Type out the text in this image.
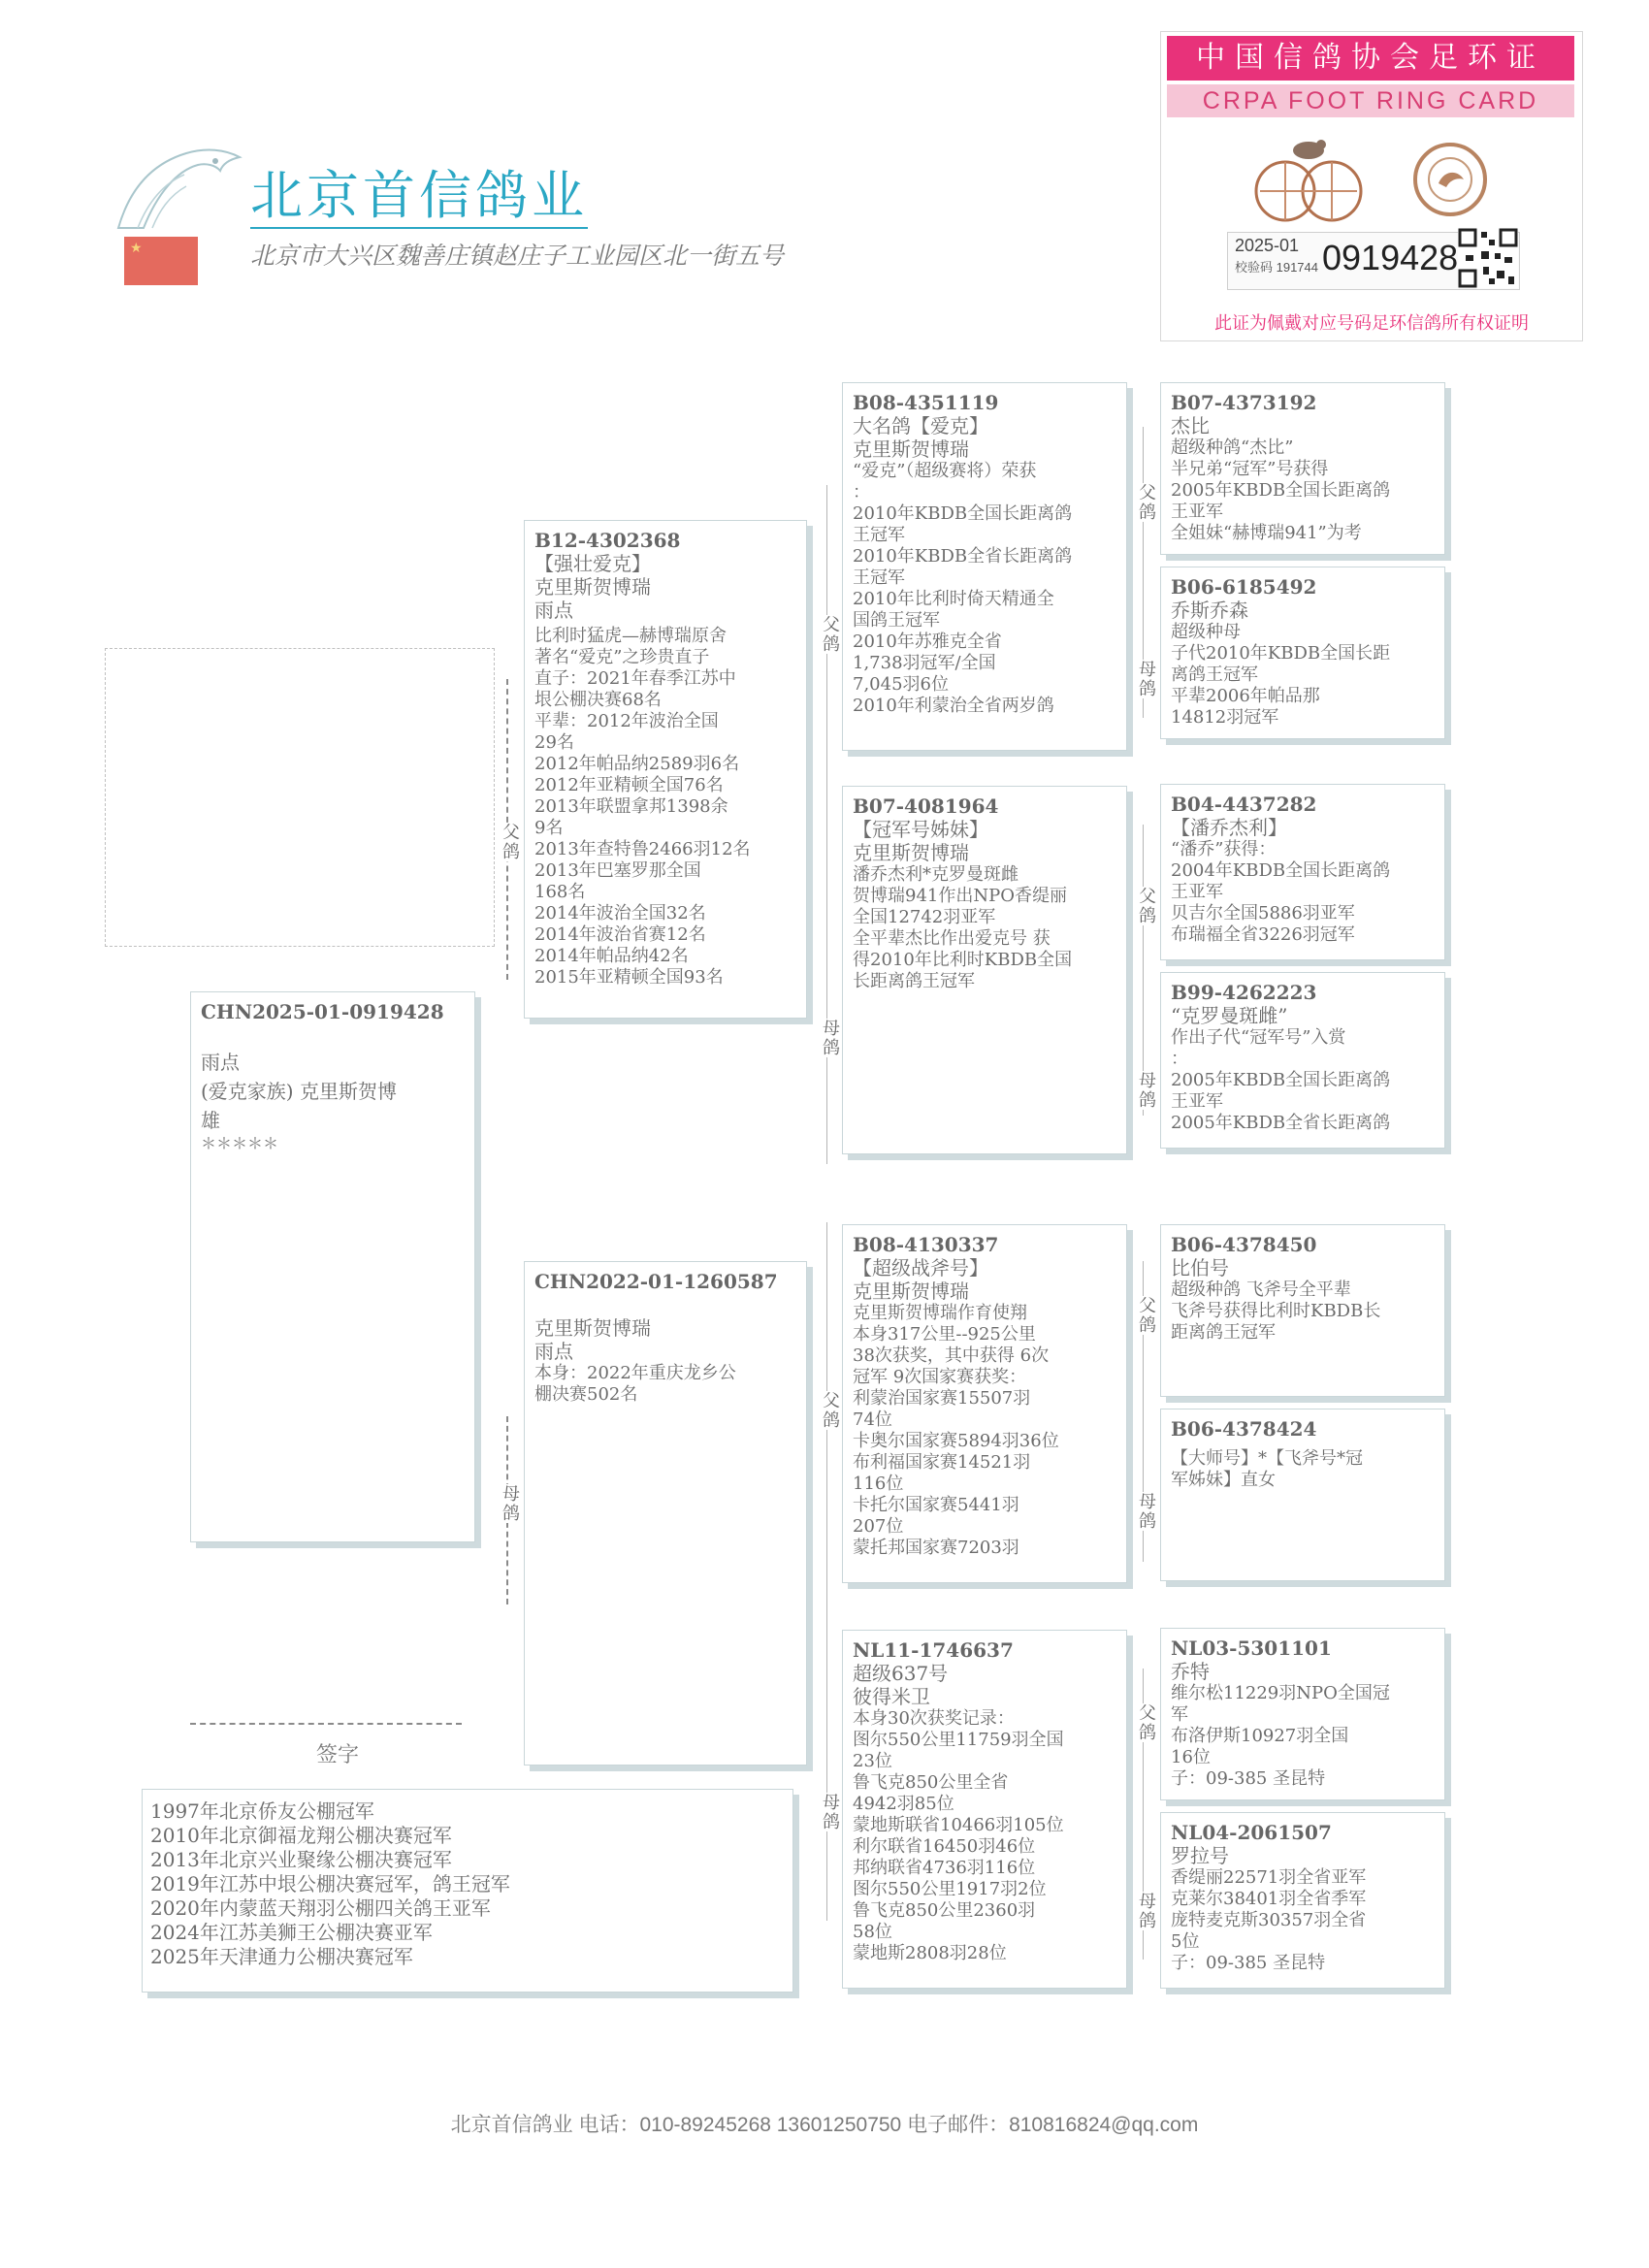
★
北京首信鸽业
北京市大兴区魏善庄镇赵庄子工业园区北一街五号
中国信鸽协会足环证
CRPA FOOT RING CARD
2025-01
校验码 191744 0919428
此证为佩戴对应号码足环信鸽所有权证明
CHN2025-01-0919428
雨点
(爱克家族) 克里斯贺博
雄
＊＊＊＊＊
签字
父鸽
母鸽
B12-4302368
【强壮爱克】
克里斯贺博瑞
雨点
比利时猛虎—赫博瑞原舍
著名“爱克”之珍贵直子
直子：2021年春季江苏中
垠公棚决赛68名
平辈：2012年波治全国
29名
2012年帕品纳2589羽6名
2012年亚精顿全国76名
2013年联盟拿邦1398余
9名
2013年查特鲁2466羽12名
2013年巴塞罗那全国
168名
2014年波治全国32名
2014年波治省赛12名
2014年帕品纳42名
2015年亚精顿全国93名
CHN2022-01-1260587
克里斯贺博瑞
雨点
本身：2022年重庆龙乡公
棚决赛502名
父鸽
母鸽
父鸽
母鸽
B08-4351119
大名鸽【爱克】
克里斯贺博瑞
“爱克”（超级赛将）荣获
：
2010年KBDB全国长距离鸽
王冠军
2010年KBDB全省长距离鸽
王冠军
2010年比利时倚天精通全
国鸽王冠军
2010年苏雅克全省
1,738羽冠军/全国
7,045羽6位
2010年利蒙治全省两岁鸽
B07-4081964
【冠军号姊妹】
克里斯贺博瑞
潘乔杰利*克罗曼斑雌
贺博瑞941作出NPO香缇丽
全国12742羽亚军
全平辈杰比作出爱克号 获
得2010年比利时KBDB全国
长距离鸽王冠军
B08-4130337
【超级战斧号】
克里斯贺博瑞
克里斯贺博瑞作育使翔
本身317公里--925公里
38次获奖，其中获得 6次
冠军 9次国家赛获奖：
利蒙治国家赛15507羽
74位
卡奥尔国家赛5894羽36位
布利福国家赛14521羽
116位
卡托尔国家赛5441羽
207位
蒙托邦国家赛7203羽
NL11-1746637
超级637号
彼得米卫
本身30次获奖记录：
图尔550公里11759羽全国
23位
鲁飞克850公里全省
4942羽85位
蒙地斯联省10466羽105位
利尔联省16450羽46位
邦纳联省4736羽116位
图尔550公里1917羽2位
鲁飞克850公里2360羽
58位
蒙地斯2808羽28位
父鸽
母鸽
父鸽
母鸽
父鸽
母鸽
父鸽
母鸽
B07-4373192
杰比
超级种鸽“杰比”
半兄弟“冠军”号获得
2005年KBDB全国长距离鸽
王亚军
全姐妹“赫博瑞941”为考
B06-6185492
乔斯乔森
超级种母
子代2010年KBDB全国长距
离鸽王冠军
平辈2006年帕品那
14812羽冠军
B04-4437282
【潘乔杰利】
“潘乔”获得：
2004年KBDB全国长距离鸽
王亚军
贝吉尔全国5886羽亚军
布瑞福全省3226羽冠军
B99-4262223
“克罗曼斑雌”
作出子代“冠军号”入赏
：
2005年KBDB全国长距离鸽
王亚军
2005年KBDB全省长距离鸽
B06-4378450
比伯号
超级种鸽 飞斧号全平辈
飞斧号获得比利时KBDB长
距离鸽王冠军
B06-4378424
【大师号】*【飞斧号*冠
军姊妹】直女
NL03-5301101
乔特
维尔松11229羽NPO全国冠
军
布洛伊斯10927羽全国
16位
子：09-385 圣昆特
NL04-2061507
罗拉号
香缇丽22571羽全省亚军
克莱尔38401羽全省季军
庞特麦克斯30357羽全省
5位
子：09-385 圣昆特
1997年北京侨友公棚冠军
2010年北京御福龙翔公棚决赛冠军
2013年北京兴业聚缘公棚决赛冠军
2019年江苏中垠公棚决赛冠军，鸽王冠军
2020年内蒙蓝天翔羽公棚四关鸽王亚军
2024年江苏美狮王公棚决赛亚军
2025年天津通力公棚决赛冠军
北京首信鸽业 电话：010-89245268 13601250750 电子邮件：810816824@qq.com
